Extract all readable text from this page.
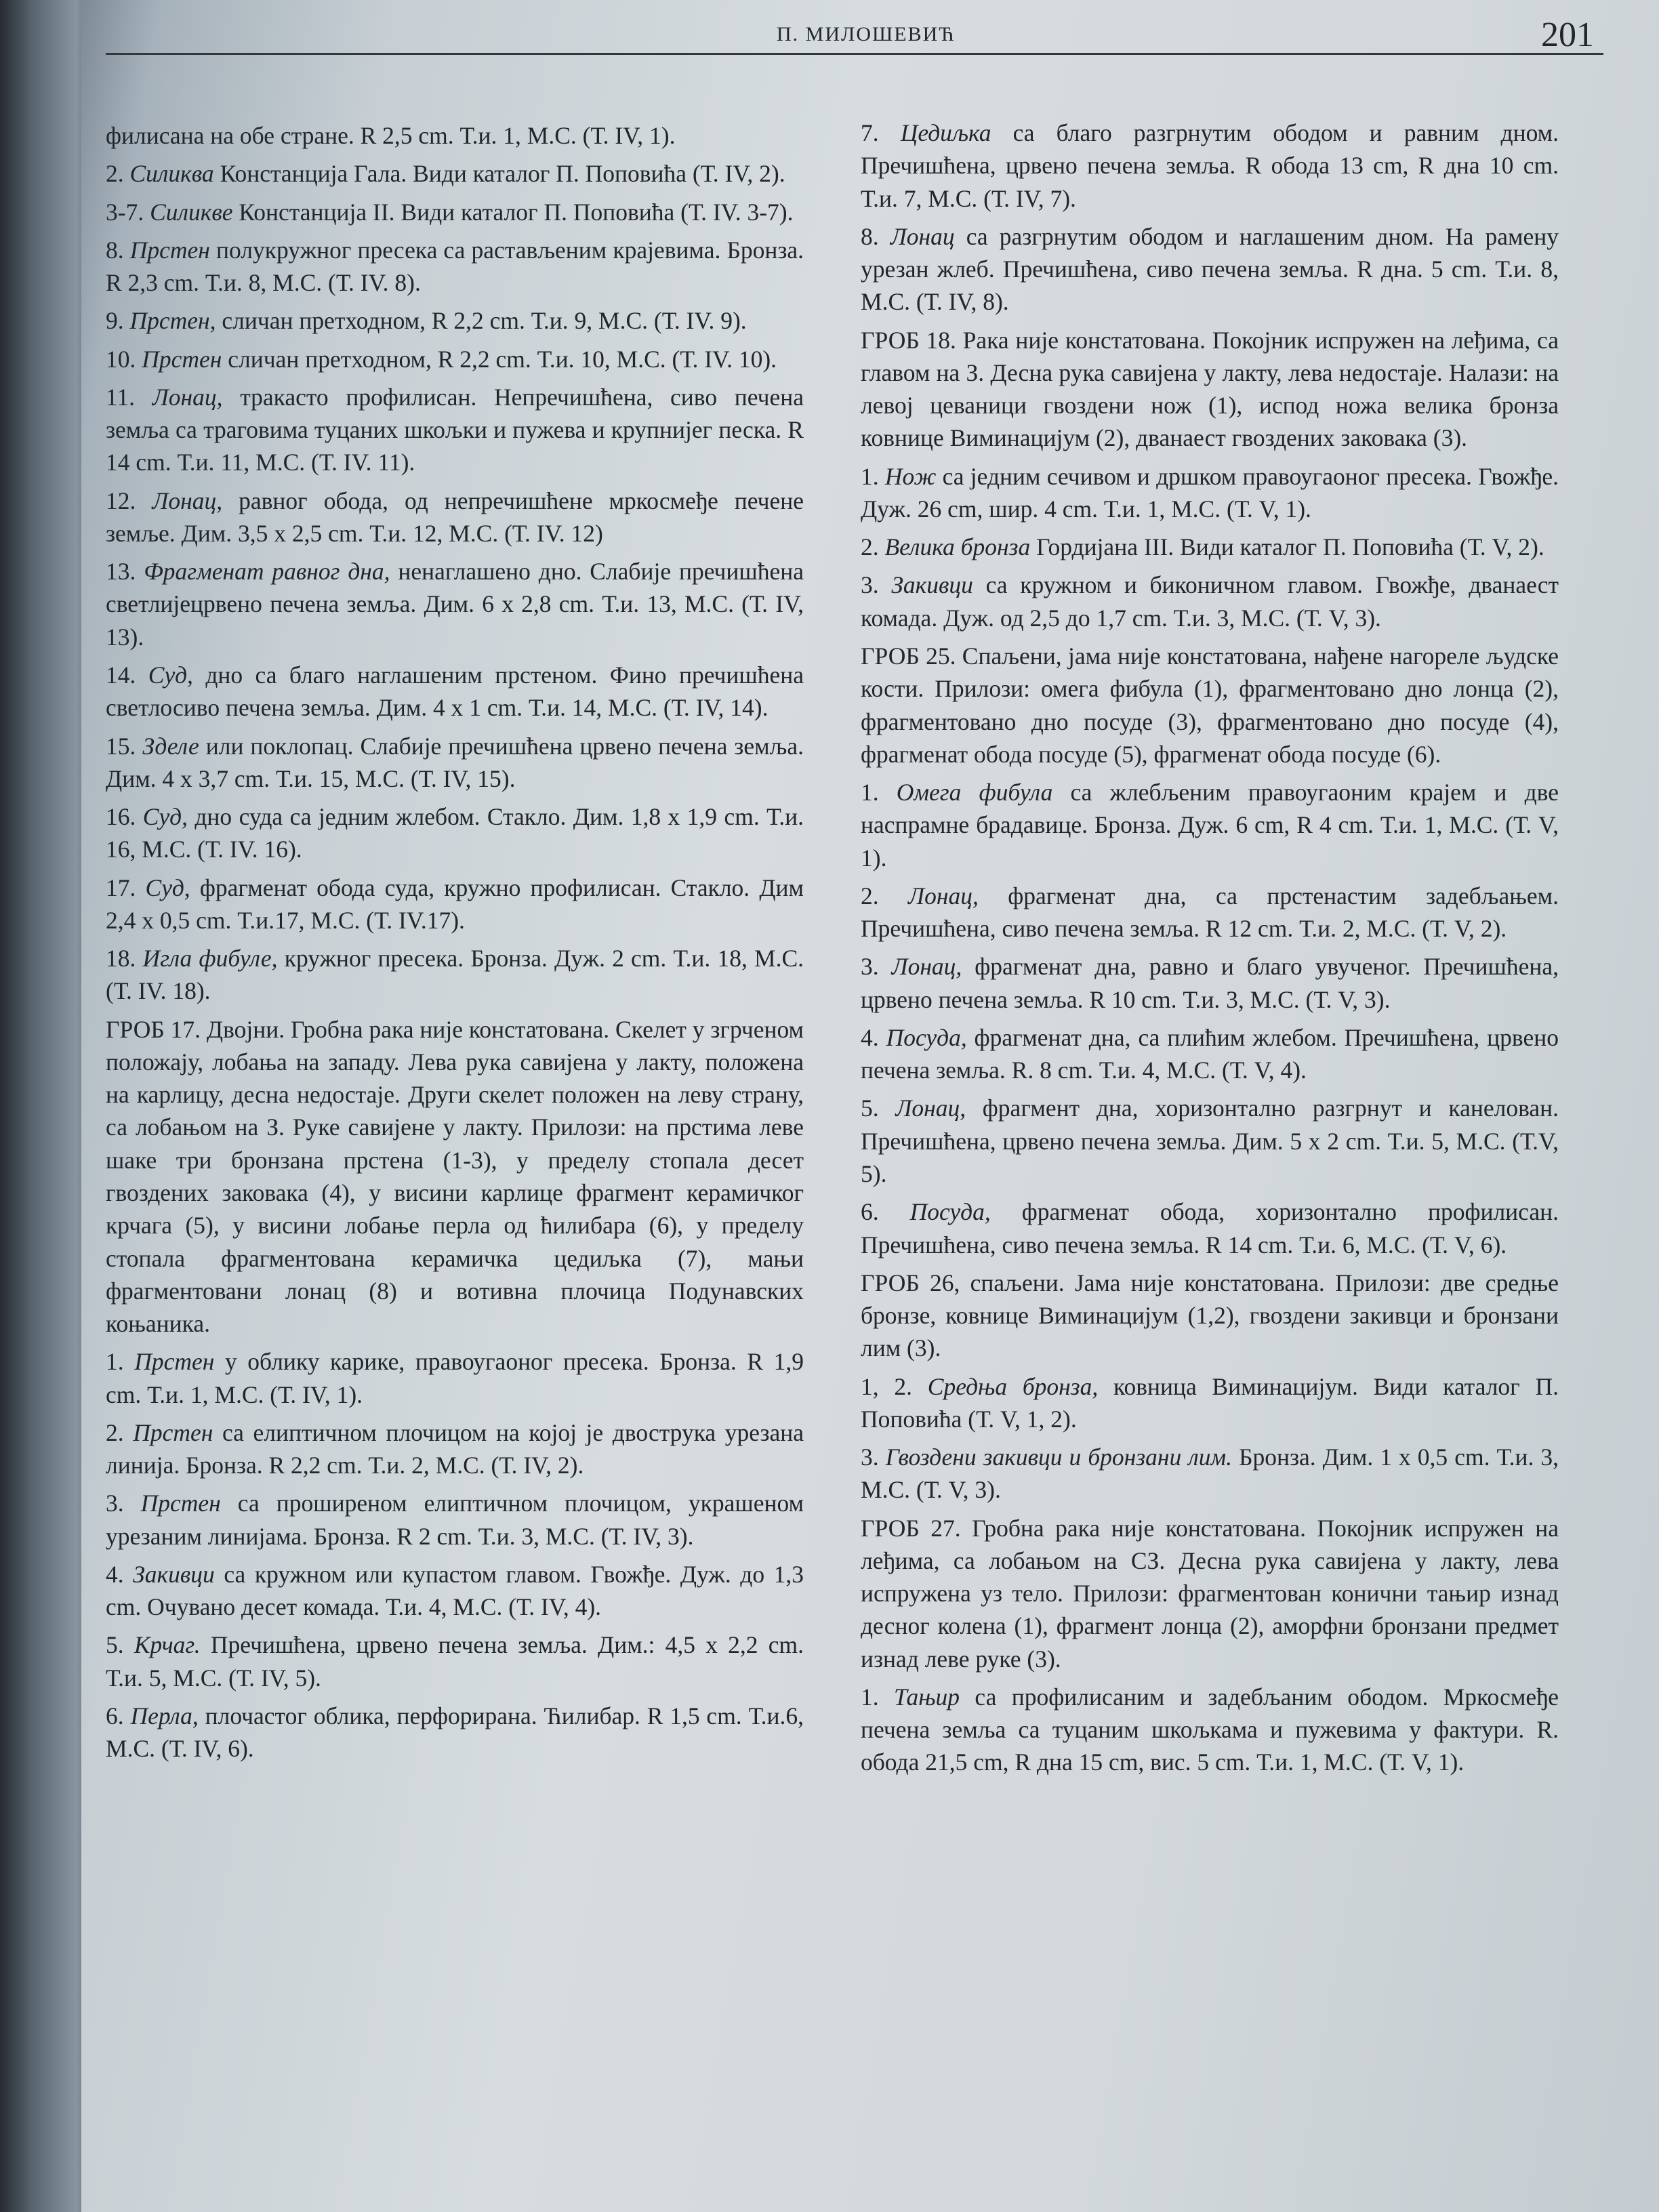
П. МИЛОШЕВИЋ	201

филисана на обе стране. R 2,5 cm. Т.и. 1, М.С. (Т. IV, 1).

2. Силиква Констанција Гала. Види каталог П. Поповића (Т. IV, 2).

3-7. Силикве Констанција II. Види каталог П. Поповића (Т. IV. 3-7).

8. Прстен полукружног пресека са растављеним крајевима. Бронза. R 2,3 cm. Т.и. 8, М.С. (Т. IV. 8).

9. Прстен, сличан претходном, R 2,2 cm. Т.и. 9, М.С. (Т. IV. 9).

10. Прстен сличан претходном, R 2,2 cm. Т.и. 10, М.С. (Т. IV. 10).

11. Лонац, тракасто профилисан. Непречишћена, сиво печена земља са траговима туцаних шкољки и пужева и крупнијег песка. R 14 cm. Т.и. 11, М.С. (Т. IV. 11).

12. Лонац, равног обода, од непречишћене мркосмеђе печене земље. Дим. 3,5 x 2,5 cm. Т.и. 12, М.С. (Т. IV. 12)

13. Фрагменат равног дна, ненаглашено дно. Слабије пречишћена светлијецрвено печена земља. Дим. 6 x 2,8 cm. Т.и. 13, М.С. (Т. IV, 13).

14. Суд, дно са благо наглашеним прстеном. Фино пречишћена светлосиво печена земља. Дим. 4 x 1 cm. Т.и. 14, М.С. (Т. IV, 14).

15. Зделе или поклопац. Слабије пречишћена црвено печена земља. Дим. 4 x 3,7 cm. Т.и. 15, М.С. (Т. IV, 15).

16. Суд, дно суда са једним жлебом. Стакло. Дим. 1,8 x 1,9 cm. Т.и. 16, М.С. (Т. IV. 16).

17. Суд, фрагменат обода суда, кружно профилисан. Стакло. Дим 2,4 x 0,5 cm. Т.и.17, М.С. (Т. IV.17).

18. Игла фибуле, кружног пресека. Бронза. Дуж. 2 cm. Т.и. 18, М.С. (Т. IV. 18).

ГРОБ 17. Двојни. Гробна рака није констатована. Скелет у згрченом положају, лобања на западу. Лева рука савијена у лакту, положена на карлицу, десна недостаје. Други скелет положен на леву страну, са лобањом на З. Руке савијене у лакту. Прилози: на прстима леве шаке три бронзана прстена (1-3), у пределу стопала десет гвоздених заковака (4), у висини карлице фрагмент керамичког крчага (5), у висини лобање перла од ћилибара (6), у пределу стопала фрагментована керамичка цедиљка (7), мањи фрагментовани лонац (8) и вотивна плочица Подунавских коњаника.

1. Прстен у облику карике, правоугаоног пресека. Бронза. R 1,9 cm. Т.и. 1, М.С. (Т. IV, 1).

2. Прстен са елиптичном плочицом на којој је двострука урезана линија. Бронза. R 2,2 cm. Т.и. 2, М.С. (Т. IV, 2).

3. Прстен са проширеном елиптичном плочицом, украшеном урезаним линијама. Бронза. R 2 cm. Т.и. 3, М.С. (Т. IV, 3).

4. Закивци са кружном или купастом главом. Гвожђе. Дуж. до 1,3 cm. Очувано десет комада. Т.и. 4, М.С. (Т. IV, 4).

5. Крчаг. Пречишћена, црвено печена земља. Дим.: 4,5 x 2,2 cm. Т.и. 5, М.С. (Т. IV, 5).

6. Перла, плочастог облика, перфорирана. Ћилибар. R 1,5 cm. Т.и.6, М.С. (Т. IV, 6).

7. Цедиљка са благо разгрнутим ободом и равним дном. Пречишћена, црвено печена земља. R обода 13 cm, R дна 10 cm. Т.и. 7, М.С. (Т. IV, 7).

8. Лонац са разгрнутим ободом и наглашеним дном. На рамену урезан жлеб. Пречишћена, сиво печена земља. R дна. 5 cm. Т.и. 8, М.С. (Т. IV, 8).

ГРОБ 18. Рака није констатована. Покојник испружен на леђима, са главом на З. Десна рука савијена у лакту, лева недостаје. Налази: на левој цеваници гвоздени нож (1), испод ножа велика бронза ковнице Виминацијум (2), дванаест гвоздених заковака (3).

1. Нож са једним сечивом и дршком правоугаоног пресека. Гвожђе. Дуж. 26 cm, шир. 4 cm. Т.и. 1, М.С. (Т. V, 1).

2. Велика бронза Гордијана III. Види каталог П. Поповића (Т. V, 2).

3. Закивци са кружном и биконичном главом. Гвожђе, дванаест комада. Дуж. од 2,5 до 1,7 cm. Т.и. 3, М.С. (Т. V, 3).

ГРОБ 25. Спаљени, јама није констатована, нађене нагореле људске кости. Прилози: омега фибула (1), фрагментовано дно лонца (2), фрагментовано дно посуде (3), фрагментовано дно посуде (4), фрагменат обода посуде (5), фрагменат обода посуде (6).

1. Омега фибула са жлебљеним правоугаоним крајем и две наспрамне брадавице. Бронза. Дуж. 6 cm, R 4 cm. Т.и. 1, М.С. (Т. V, 1).

2. Лонац, фрагменат дна, са прстенастим задебљањем. Пречишћена, сиво печена земља. R 12 cm. Т.и. 2, М.С. (Т. V, 2).

3. Лонац, фрагменат дна, равно и благо увученог. Пречишћена, црвено печена земља. R 10 cm. Т.и. 3, М.С. (Т. V, 3).

4. Посуда, фрагменат дна, са плићим жлебом. Пречишћена, црвено печена земља. R. 8 cm. Т.и. 4, М.С. (Т. V, 4).

5. Лонац, фрагмент дна, хоризонтално разгрнут и канелован. Пречишћена, црвено печена земља. Дим. 5 x 2 cm. Т.и. 5, М.С. (Т.V, 5).

6. Посуда, фрагменат обода, хоризонтално профилисан. Пречишћена, сиво печена земља. R 14 cm. Т.и. 6, М.С. (Т. V, 6).

ГРОБ 26, спаљени. Јама није констатована. Прилози: две средње бронзе, ковнице Виминацијум (1,2), гвоздени закивци и бронзани лим (3).

1, 2. Средња бронза, ковница Виминацијум. Види каталог П. Поповића (Т. V, 1, 2).

3. Гвоздени закивци и бронзани лим. Бронза. Дим. 1 x 0,5 cm. Т.и. 3, М.С. (Т. V, 3).

ГРОБ 27. Гробна рака није констатована. Покојник испружен на леђима, са лобањом на СЗ. Десна рука савијена у лакту, лева испружена уз тело. Прилози: фрагментован конични тањир изнад десног колена (1), фрагмент лонца (2), аморфни бронзани предмет изнад леве руке (3).

1. Тањир са профилисаним и задебљаним ободом. Мркосмеђе печена земља са туцаним шкољкама и пужевима у фактури. R. обода 21,5 cm, R дна 15 cm, вис. 5 cm. Т.и. 1, М.С. (Т. V, 1).
